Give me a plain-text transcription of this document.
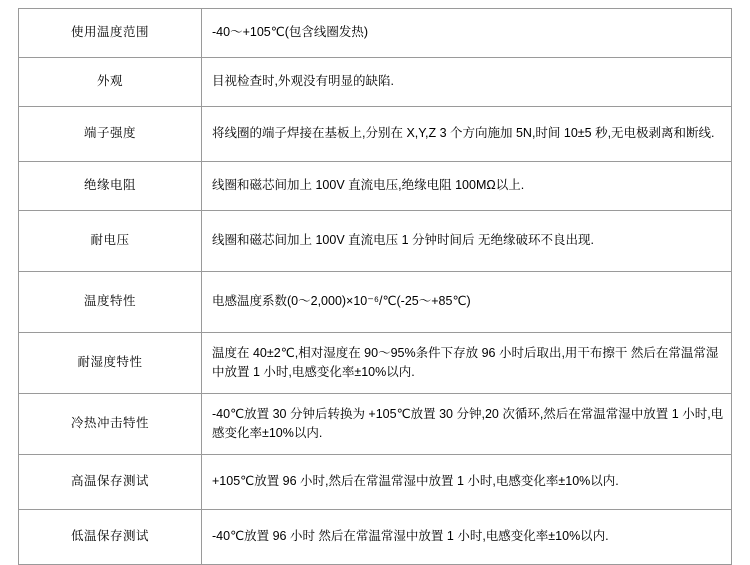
使用温度范围	-40～+105℃(包含线圈发热)
外观	目视检查时,外观没有明显的缺陷.
端子强度	将线圈的端子焊接在基板上,分别在 X,Y,Z 3 个方向施加 5N,时间 10±5 秒,无电极剥离和断线.
绝缘电阻	线圈和磁芯间加上 100V 直流电压,绝缘电阻 100MΩ以上.
耐电压	线圈和磁芯间加上 100V 直流电压 1 分钟时间后 无绝缘破环不良出现.
温度特性	电感温度系数(0～2,000)×10⁻⁶/℃(-25～+85℃)
耐湿度特性	温度在 40±2℃,相对湿度在 90～95%条件下存放 96 小时后取出,用干布擦干 然后在常温常湿中放置 1 小时,电感变化率±10%以内.
冷热冲击特性	-40℃放置 30 分钟后转换为 +105℃放置 30 分钟,20 次循环,然后在常温常湿中放置 1 小时,电感变化率±10%以内.
高温保存测试	+105℃放置 96 小时,然后在常温常湿中放置 1 小时,电感变化率±10%以内.
低温保存测试	-40℃放置 96 小时 然后在常温常湿中放置 1 小时,电感变化率±10%以内.
